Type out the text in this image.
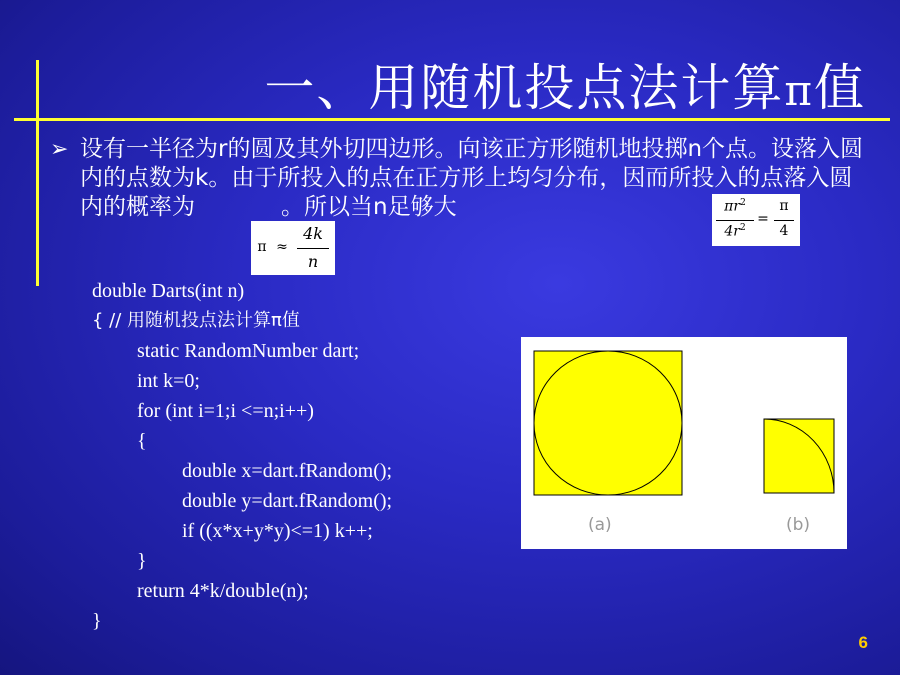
一、用随机投点法计算π值
➢ 设有一半径为r的圆及其外切四边形。向该正方形随机地投掷n个点。设落入圆内的点数为k。由于所投入的点在正方形上均匀分布，因而所投入的点落入圆内的概率为	。所以当n足够大	$\pi r^2$
$4r^2$
=
π
4
π ≈
4k
n
double Darts(int n)
{ // 用随机投点法计算π值
static RandomNumber dart;
int k=0;
for (int i=1;i <=n;i++)
{
double x=dart.fRandom();
double y=dart.fRandom();
if ((x*x+y*y)<=1) k++;
}
return 4*k/double(n);
}
(a)	(b)
6
